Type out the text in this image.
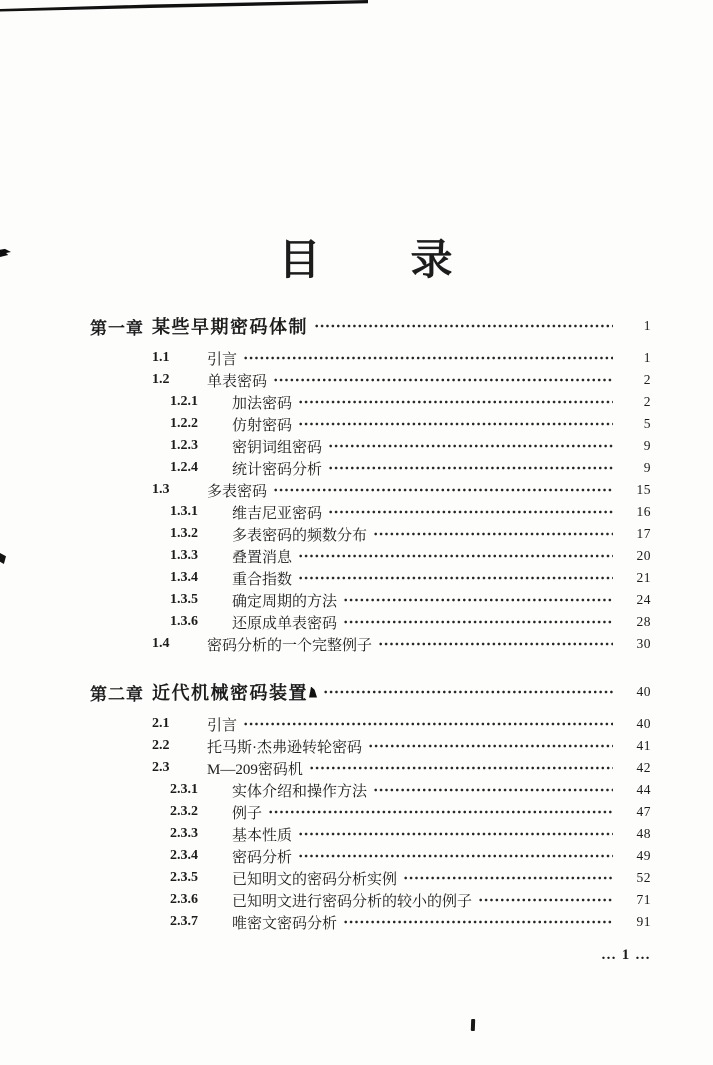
目　　录
第一章 某些早期密码体制	1
1.1	引言	1
1.2	单表密码	2
1.2.1	加法密码	2
1.2.2	仿射密码	5
1.2.3	密钥词组密码	9
1.2.4	统计密码分析	9
1.3	多表密码	15
1.3.1	维吉尼亚密码	16
1.3.2	多表密码的频数分布	17
1.3.3	叠置消息	20
1.3.4	重合指数	21
1.3.5	确定周期的方法	24
1.3.6	还原成单表密码	28
1.4	密码分析的一个完整例子	30
第二章 近代机械密码装置	40
2.1	引言	40
2.2	托马斯·杰弗逊转轮密码	41
2.3	M—209密码机	42
2.3.1	实体介绍和操作方法	44
2.3.2	例子	47
2.3.3	基本性质	48
2.3.4	密码分析	49
2.3.5	已知明文的密码分析实例	52
2.3.6	已知明文进行密码分析的较小的例子	71
2.3.7	唯密文密码分析	91
… 1 …
